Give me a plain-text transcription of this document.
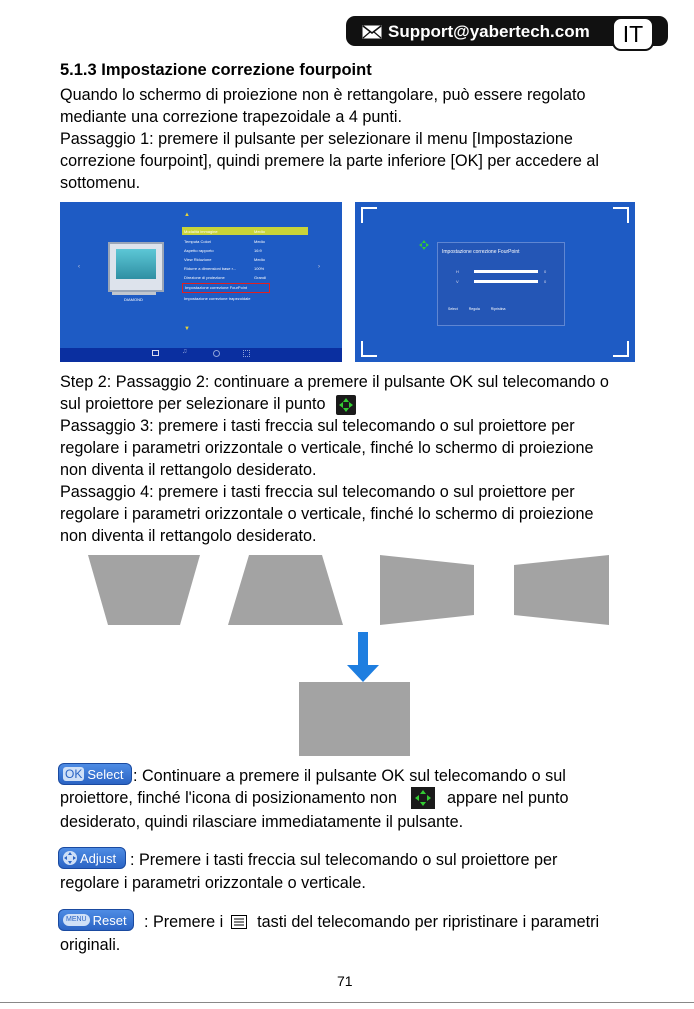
Support@yabertech.com	IT
5.1.3 Impostazione correzione fourpoint

Quando lo schermo di proiezione non è rettangolare, può essere regolato

mediante una correzione trapezoidale a 4 punti.

Passaggio 1: premere il pulsante per selezionare il menu [Impostazione

correzione fourpoint], quindi premere la parte inferiore [OK] per accedere al

sottomenu.

DIAMOND
‹	›
▲
▼
Modalità immagine	Medio
Temputa Colori	Medio
Aspetto rapporto	16:9
View Riduzione	Medio
Ridurre a dimensioni base r...	100%
Direzione di proiezione	Grandi
Impostazione correzione FourPoint
Impostazione correzione trapezoidale
♫
Impostazione correzione FourPoint
H	0
V	0
Select	Regola	Ripristina

Step 2: Passaggio 2: continuare a premere il pulsante OK sul telecomando o

sul proiettore per selezionare il punto

Passaggio 3: premere i tasti freccia sul telecomando o sul proiettore per

regolare i parametri orizzontale o verticale, finché lo schermo di proiezione

non diventa il rettangolo desiderato.

Passaggio 4: premere i tasti freccia sul telecomando o sul proiettore per

regolare i parametri orizzontale o verticale, finché lo schermo di proiezione

non diventa il rettangolo desiderato.

OK Select : Continuare a premere il pulsante OK sul telecomando o sul
proiettore, finché l'icona di posizionamento non	appare nel punto
desiderato, quindi rilasciare immediatamente il pulsante.
Adjust : Premere i tasti freccia sul telecomando o sul proiettore per
regolare i parametri orizzontale o verticale.
MENU Reset : Premere i tasti del telecomando per ripristinare i parametri
originali.
71
